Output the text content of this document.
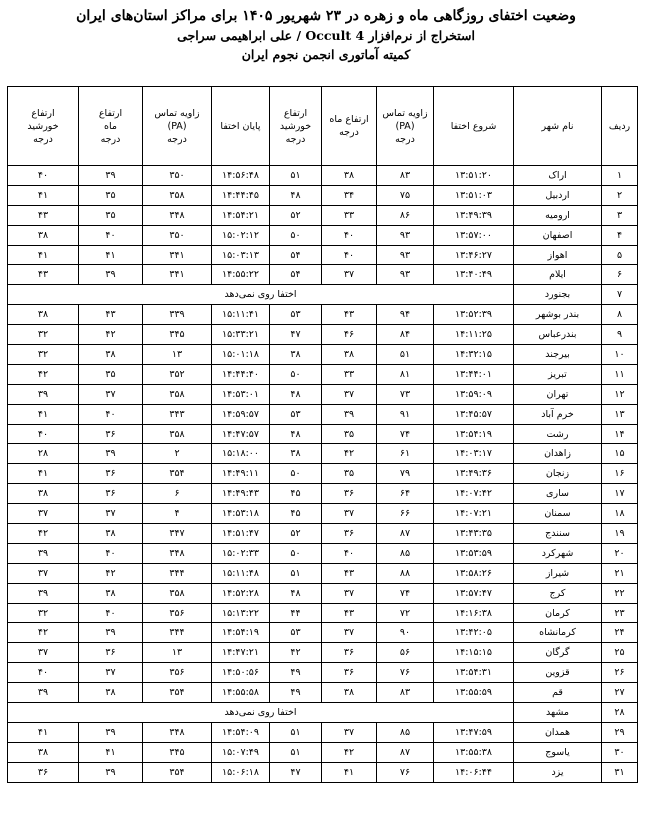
وضعیت اختفای روزگاهی ماه و زهره در ۲۳ شهریور ۱۴۰۵ برای مراکز استان‌های ایران
استخراج از نرم‌افزار Occult 4 / علی ابراهیمی سراجی
کمیته آماتوری انجمن نجوم ایران
ردیف	نام شهر	شروع اختفا	زاویه تماس
(PA)
درجه	ارتفاع ماه
درجه	ارتفاع
خورشید
درجه	پایان اختفا	زاویه تماس
(PA)
درجه	ارتفاع
ماه
درجه	ارتفاع
خورشید
درجه

۱	اراک	۱۳:۵۱:۲۰	۸۳	۳۸	۵۱	۱۴:۵۶:۴۸	۳۵۰	۳۹	۴۰
۲	اردبیل	۱۳:۵۱:۰۳	۷۵	۳۴	۴۸	۱۴:۴۴:۴۵	۳۵۸	۳۵	۴۱
۳	ارومیه	۱۳:۴۹:۳۹	۸۶	۳۳	۵۲	۱۴:۵۴:۲۱	۳۴۸	۳۵	۴۳
۴	اصفهان	۱۳:۵۷:۰۰	۹۳	۴۰	۵۰	۱۵:۰۲:۱۲	۳۵۰	۴۰	۳۸
۵	اهواز	۱۳:۴۶:۲۷	۹۳	۴۰	۵۴	۱۵:۰۳:۱۳	۳۴۱	۴۱	۴۱
۶	ایلام	۱۳:۴۰:۴۹	۹۳	۳۷	۵۴	۱۴:۵۵:۲۲	۳۴۱	۳۹	۴۳
۷	بجنورد	اختفا روی نمی‌دهد							
۸	بندر بوشهر	۱۳:۵۲:۳۹	۹۴	۴۳	۵۳	۱۵:۱۱:۴۱	۳۳۹	۴۳	۳۸
۹	بندرعباس	۱۴:۱۱:۲۵	۸۴	۴۶	۴۷	۱۵:۳۳:۲۱	۳۴۵	۴۲	۳۲
۱۰	بیرجند	۱۴:۳۲:۱۵	۵۱	۳۸	۳۸	۱۵:۰۱:۱۸	۱۳	۳۸	۳۲
۱۱	تبریز	۱۳:۴۴:۰۱	۸۱	۳۳	۵۰	۱۴:۴۴:۴۰	۳۵۲	۳۵	۴۲
۱۲	تهران	۱۳:۵۹:۰۹	۷۳	۳۷	۴۸	۱۴:۵۳:۰۱	۳۵۸	۳۷	۳۹
۱۳	خرم آباد	۱۳:۴۵:۵۷	۹۱	۳۹	۵۳	۱۴:۵۹:۵۷	۳۴۳	۴۰	۴۱
۱۴	رشت	۱۳:۵۴:۱۹	۷۴	۳۵	۴۸	۱۴:۴۷:۵۷	۳۵۸	۳۶	۴۰
۱۵	زاهدان	۱۴:۰۳:۱۷	۶۱	۴۲	۳۸	۱۵:۱۸:۰۰	۲	۳۹	۲۸
۱۶	زنجان	۱۳:۴۹:۳۶	۷۹	۳۵	۵۰	۱۴:۴۹:۱۱	۳۵۴	۳۶	۴۱
۱۷	ساری	۱۴:۰۷:۴۲	۶۴	۳۶	۴۵	۱۴:۴۹:۴۳	۶	۳۶	۳۸
۱۸	سمنان	۱۴:۰۷:۲۱	۶۶	۳۷	۴۵	۱۴:۵۳:۱۸	۴	۳۷	۳۷
۱۹	سنندج	۱۳:۴۳:۳۵	۸۷	۳۶	۵۲	۱۴:۵۱:۴۷	۳۴۷	۳۸	۴۲
۲۰	شهرکرد	۱۳:۵۳:۵۹	۸۵	۴۰	۵۰	۱۵:۰۲:۳۳	۳۴۸	۴۰	۳۹
۲۱	شیراز	۱۳:۵۸:۲۶	۸۸	۴۳	۵۱	۱۵:۱۱:۴۸	۳۴۴	۴۲	۳۷
۲۲	کرج	۱۳:۵۷:۴۷	۷۴	۳۷	۴۸	۱۴:۵۲:۲۸	۳۵۸	۳۸	۳۹
۲۳	کرمان	۱۴:۱۶:۳۸	۷۲	۴۳	۴۴	۱۵:۱۳:۲۲	۳۵۶	۴۰	۳۲
۲۴	کرمانشاه	۱۳:۴۲:۰۵	۹۰	۳۷	۵۳	۱۴:۵۴:۱۹	۳۴۴	۳۹	۴۲
۲۵	گرگان	۱۴:۱۵:۱۵	۵۶	۳۶	۴۲	۱۴:۴۷:۲۱	۱۳	۳۶	۳۷
۲۶	قزوین	۱۳:۵۴:۳۱	۷۶	۳۶	۴۹	۱۴:۵۰:۵۶	۳۵۶	۳۷	۴۰
۲۷	قم	۱۳:۵۵:۵۹	۸۳	۳۸	۴۹	۱۴:۵۵:۵۸	۳۵۴	۳۸	۳۹
۲۸	مشهد	اختفا روی نمی‌دهد							
۲۹	همدان	۱۳:۴۷:۵۹	۸۵	۳۷	۵۱	۱۴:۵۴:۰۹	۳۴۸	۳۹	۴۱
۳۰	یاسوج	۱۳:۵۵:۳۸	۸۷	۴۲	۵۱	۱۵:۰۷:۴۹	۳۴۵	۴۱	۳۸
۳۱	یزد	۱۴:۰۶:۴۴	۷۶	۴۱	۴۷	۱۵:۰۶:۱۸	۳۵۴	۳۹	۳۶
